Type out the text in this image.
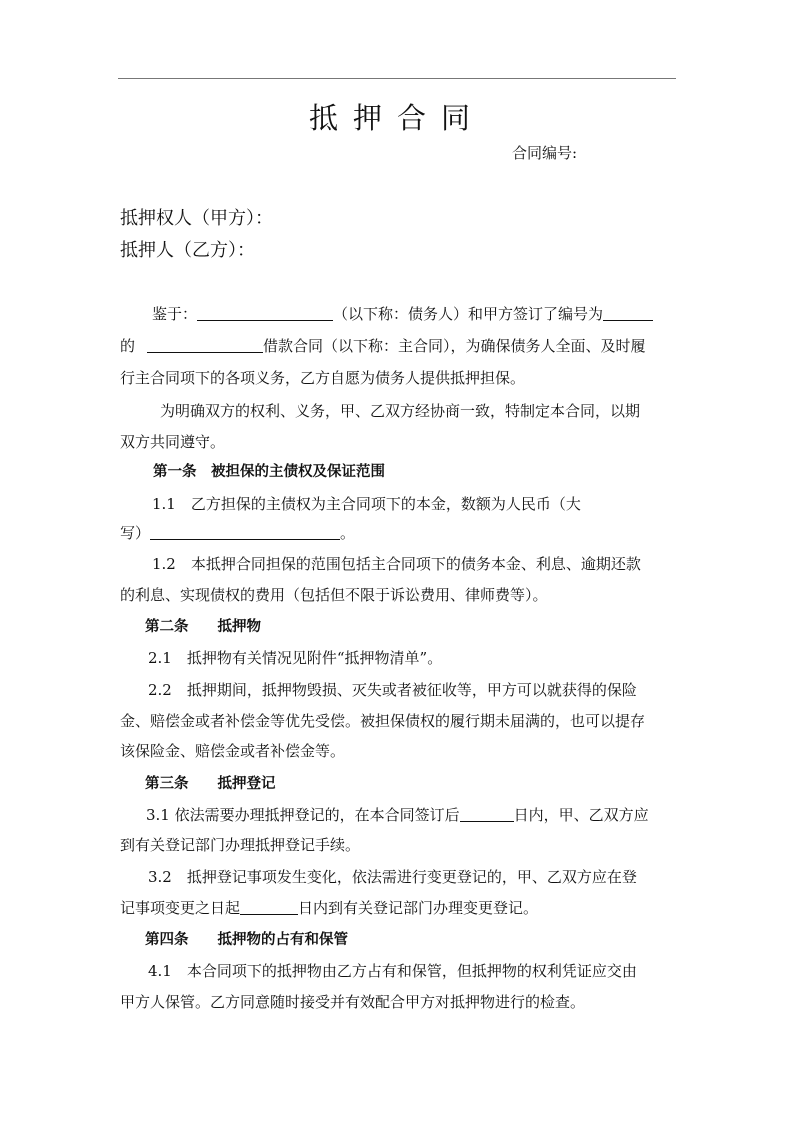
抵押合同
合同编号:
抵押权人（甲方）：
抵押人（乙方）：
鉴于：	（以下称：债务人）和甲方签订了编号为
的	借款合同（以下称：主合同），为确保债务人全面、及时履
行主合同项下的各项义务，乙方自愿为债务人提供抵押担保。
为明确双方的权利、义务，甲、乙双方经协商一致，特制定本合同，以期
双方共同遵守。
第一条　被担保的主债权及保证范围
1.1　乙方担保的主债权为主合同项下的本金，数额为人民币（大
写）	。
1.2　本抵押合同担保的范围包括主合同项下的债务本金、利息、逾期还款
的利息、实现债权的费用（包括但不限于诉讼费用、律师费等）。
第二条　　抵押物
2.1　抵押物有关情况见附件“抵押物清单”。
2.2　抵押期间，抵押物毁损、灭失或者被征收等，甲方可以就获得的保险
金、赔偿金或者补偿金等优先受偿。被担保债权的履行期未届满的，也可以提存
该保险金、赔偿金或者补偿金等。
第三条　　抵押登记
3.1 依法需要办理抵押登记的，在本合同签订后	日内，甲、乙双方应
到有关登记部门办理抵押登记手续。
3.2　抵押登记事项发生变化，依法需进行变更登记的，甲、乙双方应在登
记事项变更之日起	日内到有关登记部门办理变更登记。
第四条　　抵押物的占有和保管
4.1　本合同项下的抵押物由乙方占有和保管，但抵押物的权利凭证应交由
甲方人保管。乙方同意随时接受并有效配合甲方对抵押物进行的检查。
